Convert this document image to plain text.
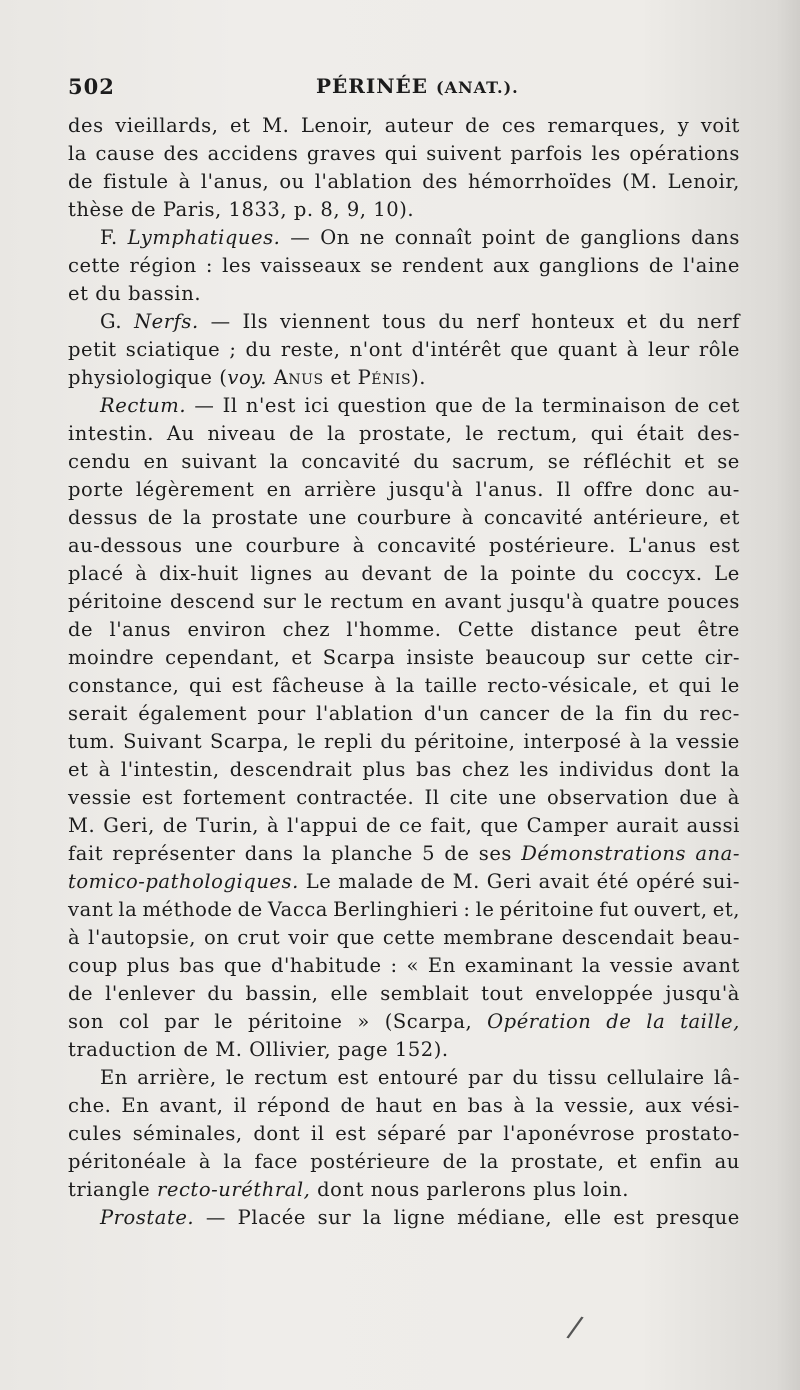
502	PÉRINÉE (ANAT.).
des vieillards, et M. Lenoir, auteur de ces remarques, y voit
la cause des accidens graves qui suivent parfois les opérations
de fistule à l'anus, ou l'ablation des hémorrhoïdes (M. Lenoir,
thèse de Paris, 1833, p. 8, 9, 10).
F. Lymphatiques. — On ne connaît point de ganglions dans
cette région : les vaisseaux se rendent aux ganglions de l'aine
et du bassin.
G. Nerfs. — Ils viennent tous du nerf honteux et du nerf
petit sciatique ; du reste, n'ont d'intérêt que quant à leur rôle
physiologique (voy. Anus et Pénis).
Rectum. — Il n'est ici question que de la terminaison de cet
intestin. Au niveau de la prostate, le rectum, qui était des-
cendu en suivant la concavité du sacrum, se réfléchit et se
porte légèrement en arrière jusqu'à l'anus. Il offre donc au-
dessus de la prostate une courbure à concavité antérieure, et
au-dessous une courbure à concavité postérieure. L'anus est
placé à dix-huit lignes au devant de la pointe du coccyx. Le
péritoine descend sur le rectum en avant jusqu'à quatre pouces
de l'anus environ chez l'homme. Cette distance peut être
moindre cependant, et Scarpa insiste beaucoup sur cette cir-
constance, qui est fâcheuse à la taille recto-vésicale, et qui le
serait également pour l'ablation d'un cancer de la fin du rec-
tum. Suivant Scarpa, le repli du péritoine, interposé à la vessie
et à l'intestin, descendrait plus bas chez les individus dont la
vessie est fortement contractée. Il cite une observation due à
M. Geri, de Turin, à l'appui de ce fait, que Camper aurait aussi
fait représenter dans la planche 5 de ses Démonstrations ana-
tomico-pathologiques. Le malade de M. Geri avait été opéré sui-
vant la méthode de Vacca Berlinghieri : le péritoine fut ouvert, et,
à l'autopsie, on crut voir que cette membrane descendait beau-
coup plus bas que d'habitude : « En examinant la vessie avant
de l'enlever du bassin, elle semblait tout enveloppée jusqu'à
son col par le péritoine » (Scarpa, Opération de la taille,
traduction de M. Ollivier, page 152).
En arrière, le rectum est entouré par du tissu cellulaire lâ-
che. En avant, il répond de haut en bas à la vessie, aux vési-
cules séminales, dont il est séparé par l'aponévrose prostato-
péritonéale à la face postérieure de la prostate, et enfin au
triangle recto-uréthral, dont nous parlerons plus loin.
Prostate. — Placée sur la ligne médiane, elle est presque
/
